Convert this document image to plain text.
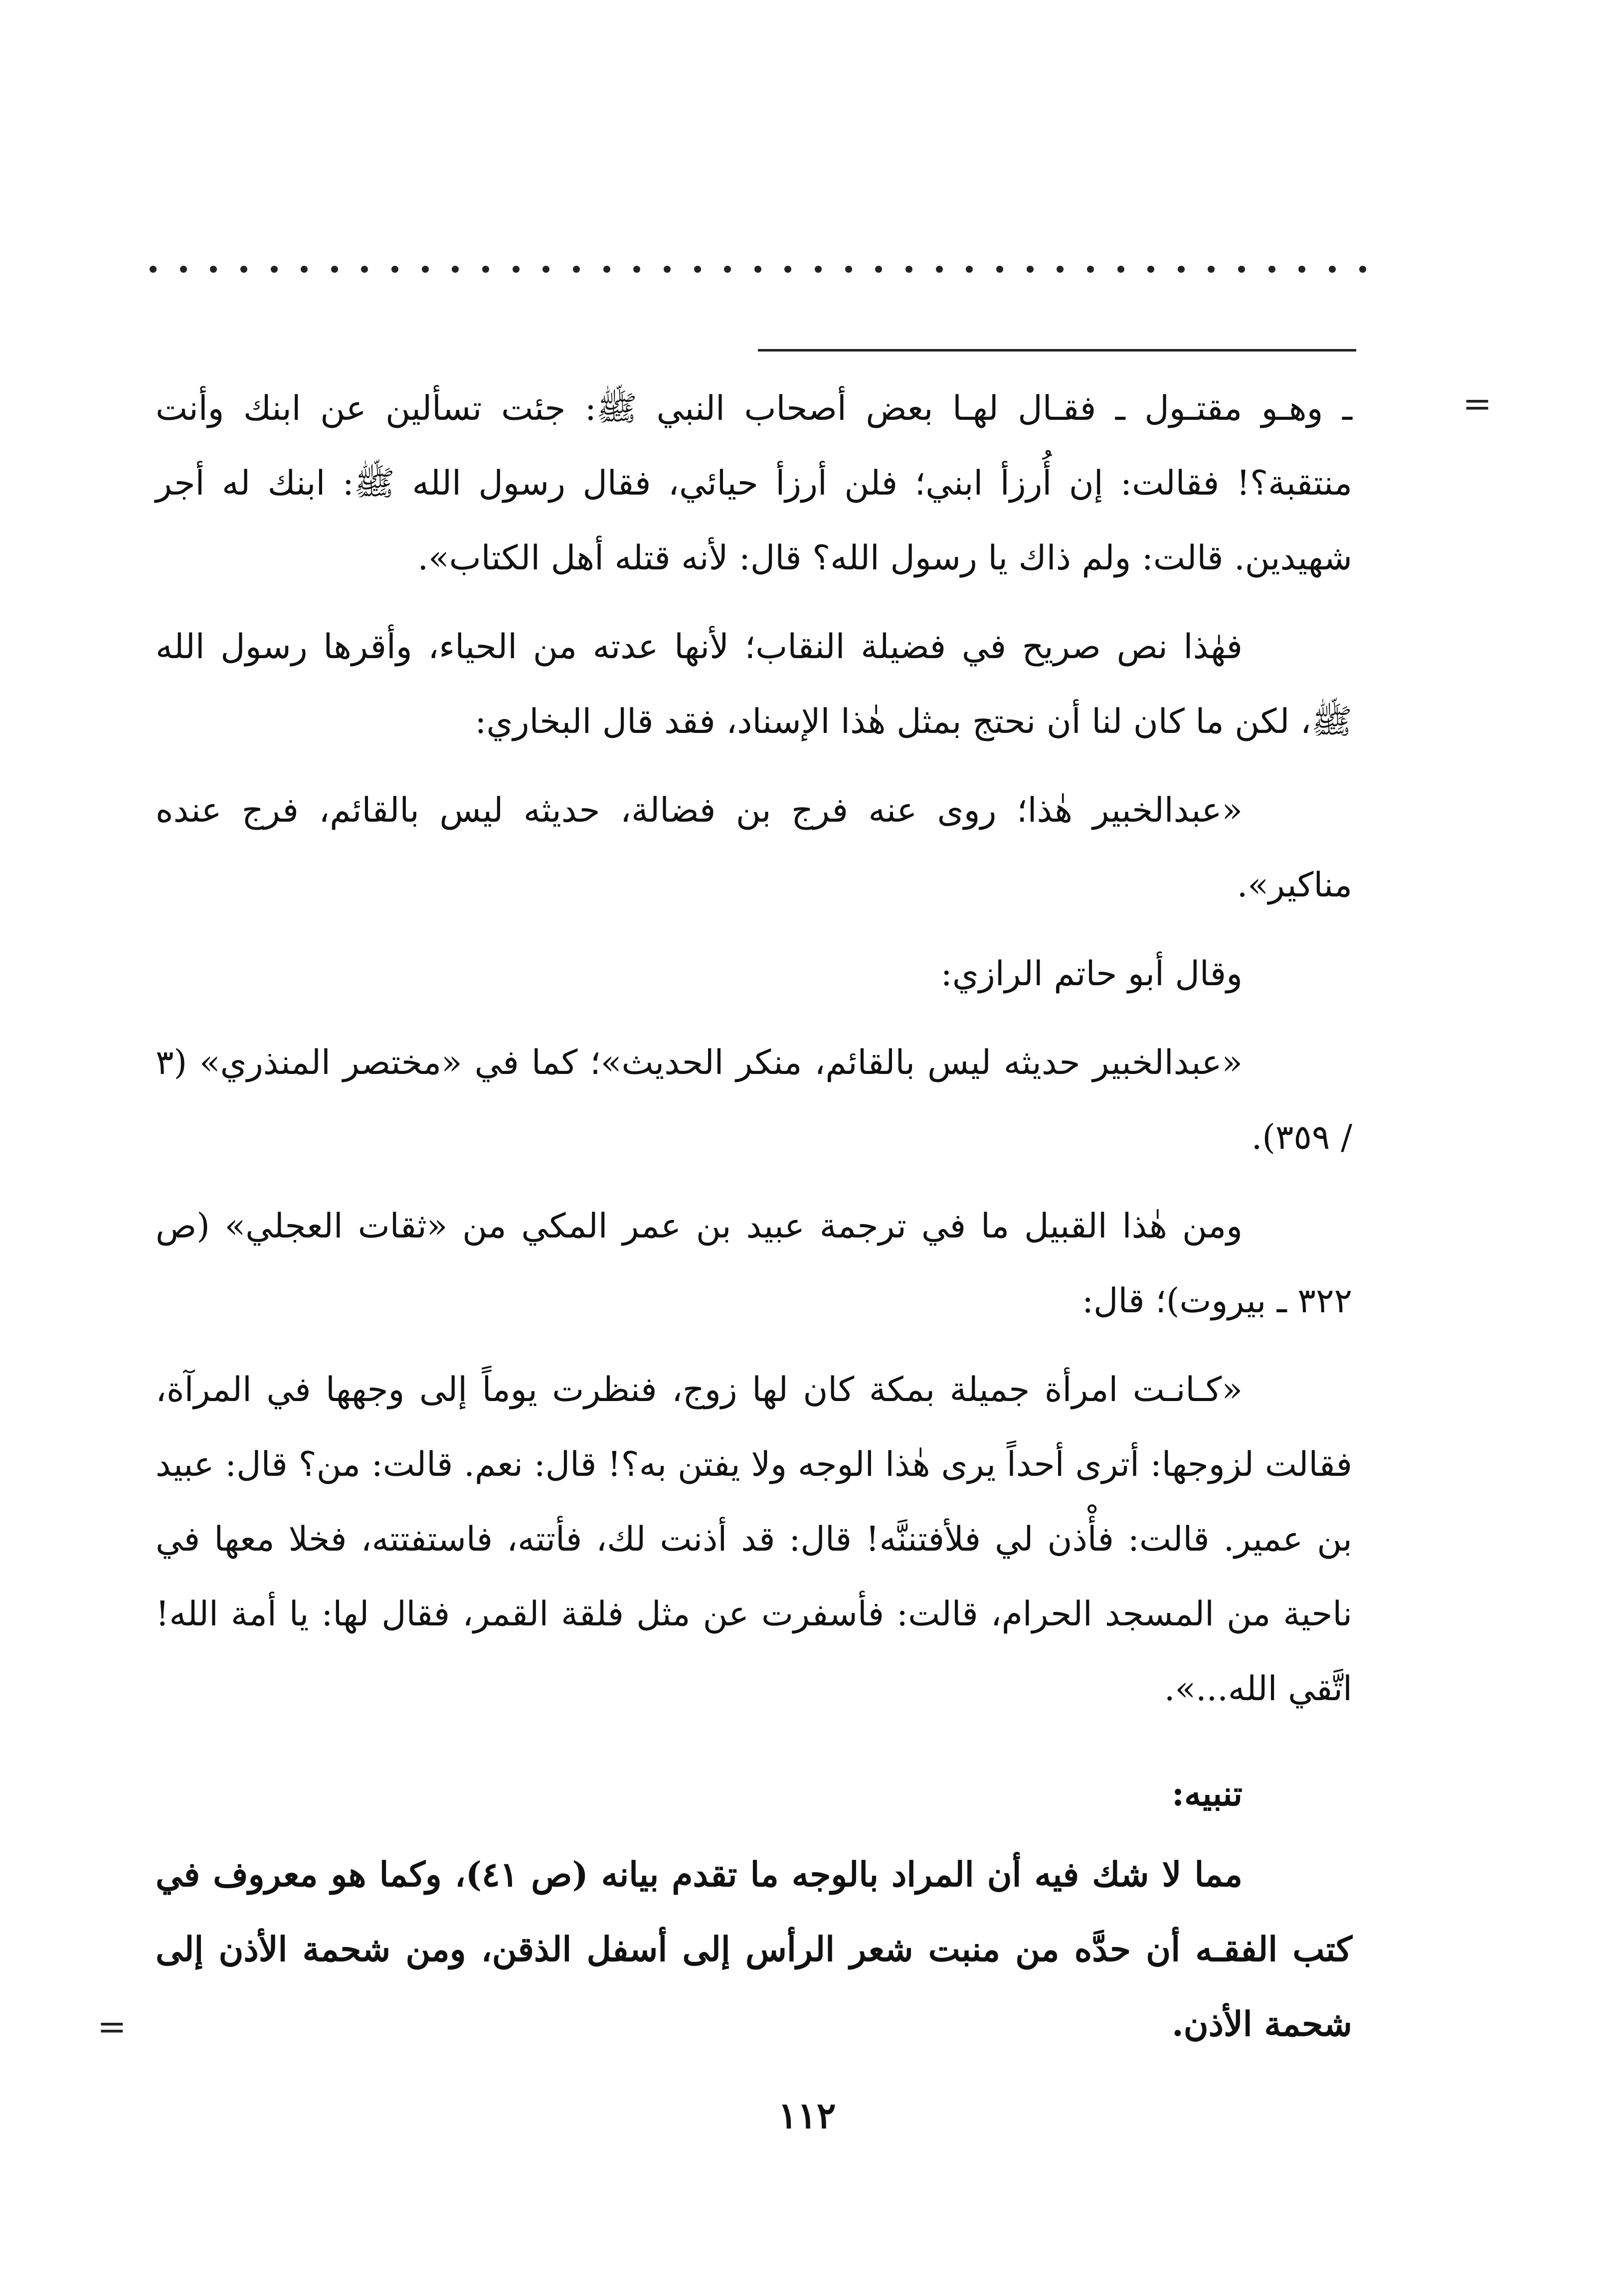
=

ـ وهـو مقتـول ـ فقـال لهـا بعض أصحاب النبي ﷺ: جئت تسألين عن ابنك وأنت منتقبة؟! فقالت: إن أُرزأ ابني؛ فلن أرزأ حيائي، فقال رسول الله ﷺ: ابنك له أجر شهيدين. قالت: ولم ذاك يا رسول الله؟ قال: لأنه قتله أهل الكتاب».

فهٰذا نص صريح في فضيلة النقاب؛ لأنها عدته من الحياء، وأقرها رسول الله ﷺ، لكن ما كان لنا أن نحتج بمثل هٰذا الإسناد، فقد قال البخاري:

«عبدالخبير هٰذا؛ روى عنه فرج بن فضالة، حديثه ليس بالقائم، فرج عنده مناكير».

وقال أبو حاتم الرازي:

«عبدالخبير حديثه ليس بالقائم، منكر الحديث»؛ كما في «مختصر المنذري» (٣ / ٣٥٩).

ومن هٰذا القبيل ما في ترجمة عبيد بن عمر المكي من «ثقات العجلي» (ص ٣٢٢ ـ بيروت)؛ قال:

«كـانـت امرأة جميلة بمكة كان لها زوج، فنظرت يوماً إلى وجهها في المرآة، فقالت لزوجها: أترى أحداً يرى هٰذا الوجه ولا يفتن به؟! قال: نعم. قالت: من؟ قال: عبيد بن عمير. قالت: فأْذن لي فلأفتننَّه! قال: قد أذنت لك، فأتته، فاستفتته، فخلا معها في ناحية من المسجد الحرام، قالت: فأسفرت عن مثل فلقة القمر، فقال لها: يا أمة الله! اتَّقي الله...».

تنبيه:

مما لا شك فيه أن المراد بالوجه ما تقدم بيانه (ص ٤١)، وكما هو معروف في كتب الفقـه أن حدَّه من منبت شعر الرأس إلى أسفل الذقن، ومن شحمة الأذن إلى شحمة الأذن.

=
١١٢
